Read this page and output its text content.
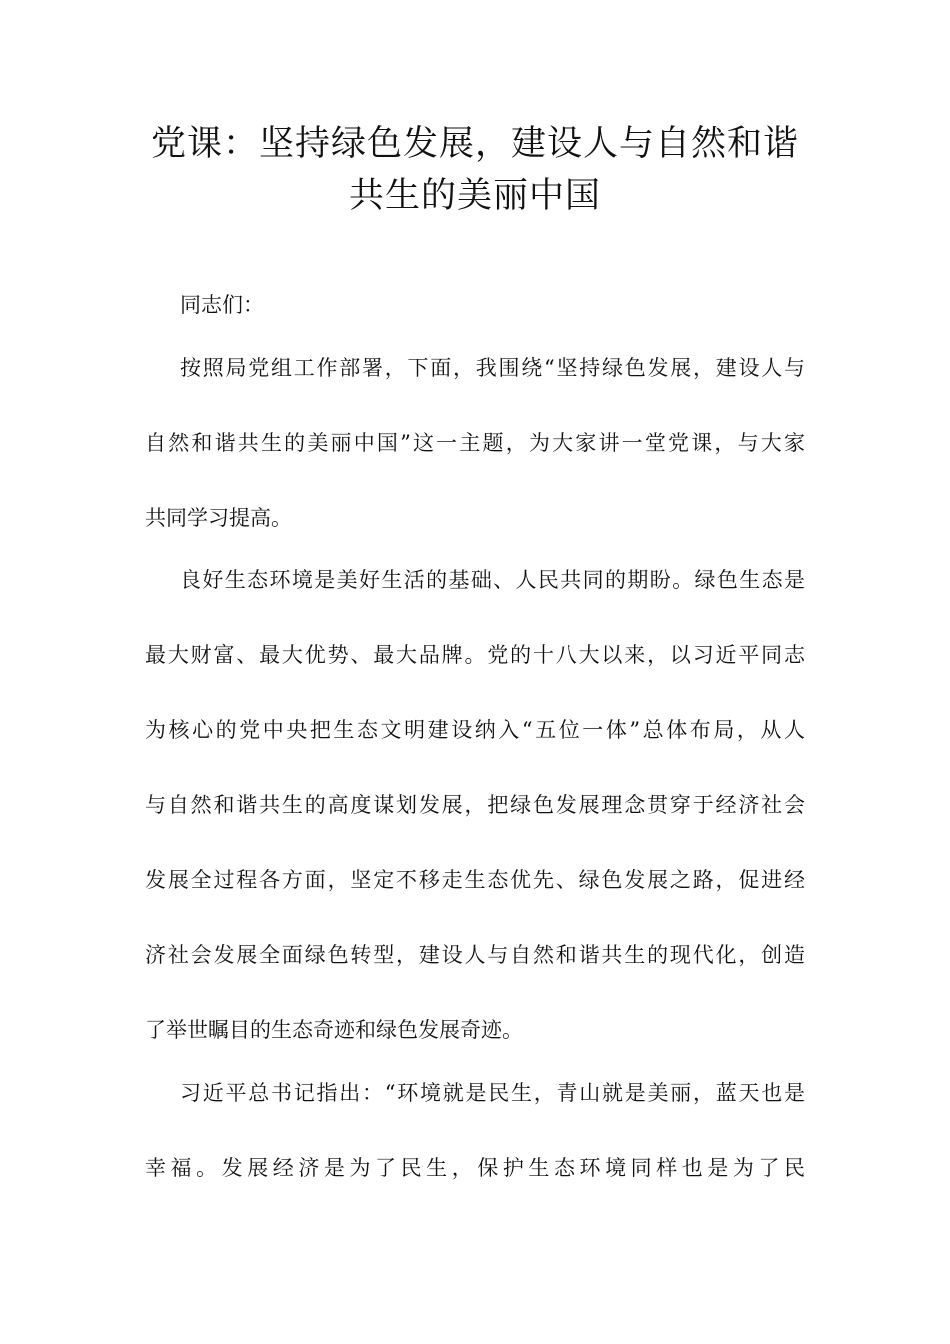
党课：坚持绿色发展，建设人与自然和谐
共生的美丽中国
同志们：
按照局党组工作部署，下面，我围绕“坚持绿色发展，建设人与
自然和谐共生的美丽中国”这一主题，为大家讲一堂党课，与大家
共同学习提高。
良好生态环境是美好生活的基础、人民共同的期盼。绿色生态是
最大财富、最大优势、最大品牌。党的十八大以来，以习近平同志
为核心的党中央把生态文明建设纳入“五位一体”总体布局，从人
与自然和谐共生的高度谋划发展，把绿色发展理念贯穿于经济社会
发展全过程各方面，坚定不移走生态优先、绿色发展之路，促进经
济社会发展全面绿色转型，建设人与自然和谐共生的现代化，创造
了举世瞩目的生态奇迹和绿色发展奇迹。
习近平总书记指出：“环境就是民生，青山就是美丽，蓝天也是
幸福。发展经济是为了民生，保护生态环境同样也是为了民
